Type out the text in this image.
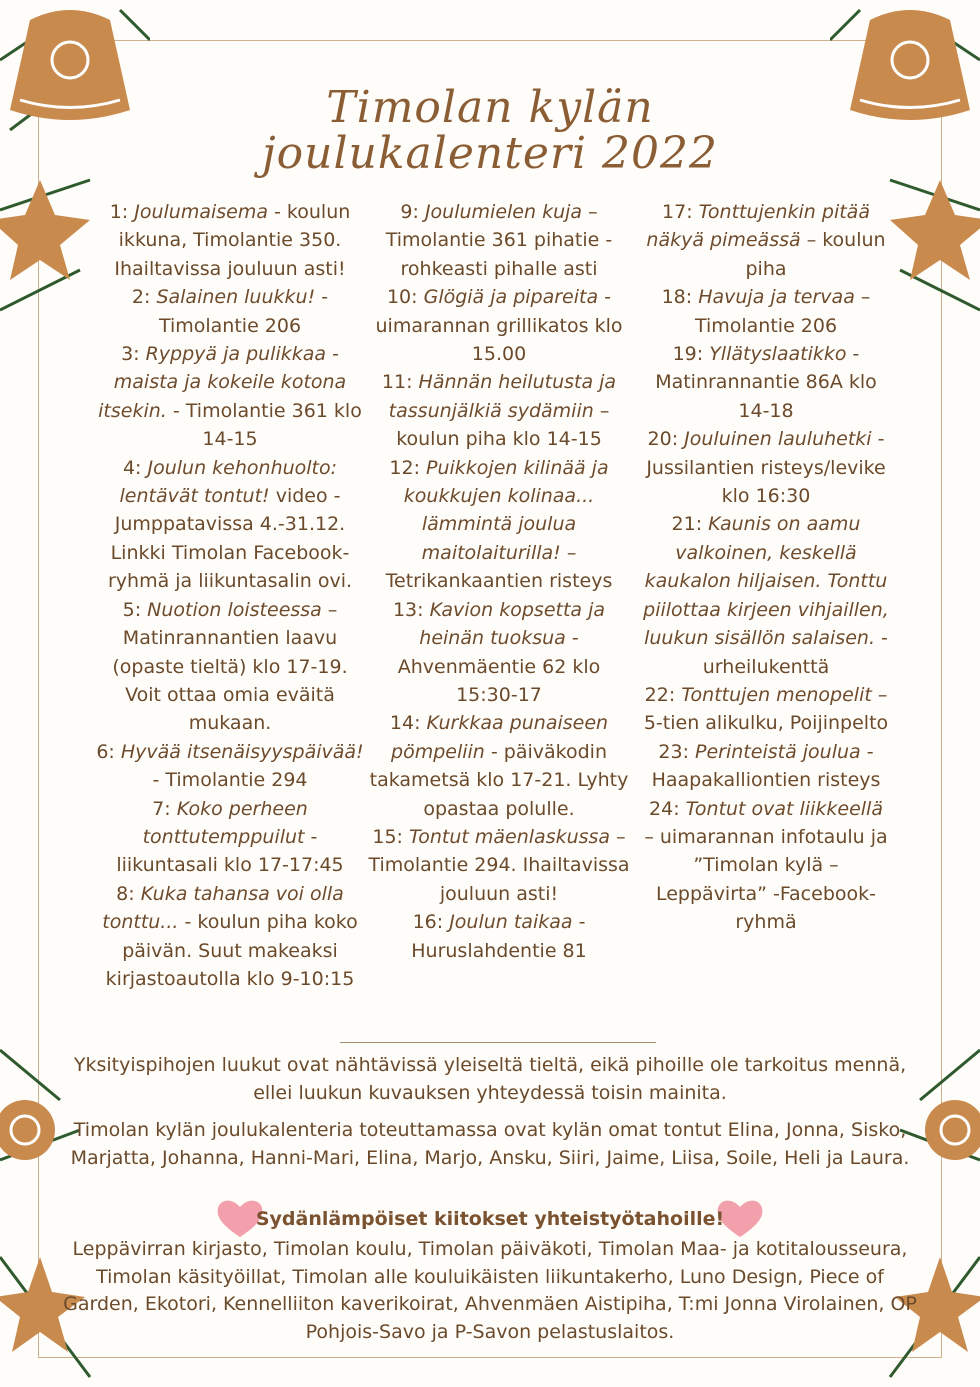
Timolan kylän
joulukalenteri 2022

1: Joulumaisema - koulun ikkuna, Timolantie 350. Ihailtavissa jouluun asti!

2: Salainen luukku! - Timolantie 206

3: Ryppyä ja pulikkaa - maista ja kokeile kotona itsekin. - Timolantie 361 klo 14-15

4: Joulun kehonhuolto: lentävät tontut! video - Jumppatavissa 4.-31.12. Linkki Timolan Facebook-ryhmä ja liikuntasalin ovi.

5: Nuotion loisteessa – Matinrannantien laavu (opaste tieltä) klo 17-19. Voit ottaa omia eväitä mukaan.

6: Hyvää itsenäisyyspäivää! - Timolantie 294

7: Koko perheen tonttutemppuilut - liikuntasali klo 17-17:45

8: Kuka tahansa voi olla tonttu... - koulun piha koko päivän. Suut makeaksi kirjastoautolla klo 9-10:15

9: Joulumielen kuja – Timolantie 361 pihatie - rohkeasti pihalle asti

10: Glögiä ja pipareita - uimarannan grillikatos klo 15.00

11: Hännän heilutusta ja tassunjälkiä sydämiin – koulun piha klo 14-15

12: Puikkojen kilinää ja koukkujen kolinaa... lämmintä joulua maitolaiturilla! – Tetrikankaantien risteys

13: Kavion kopsetta ja heinän tuoksua - Ahvenmäentie 62 klo 15:30-17

14: Kurkkaa punaiseen pömpeliin - päiväkodin takametsä klo 17-21. Lyhty opastaa polulle.

15: Tontut mäenlaskussa – Timolantie 294. Ihailtavissa jouluun asti!

16: Joulun taikaa - Huruslahdentie 81

17: Tonttujenkin pitää näkyä pimeässä – koulun piha

18: Havuja ja tervaa – Timolantie 206

19: Yllätyslaatikko - Matinrannantie 86A klo 14-18

20: Jouluinen lauluhetki - Jussilantien risteys/levike klo 16:30

21: Kaunis on aamu valkoinen, keskellä kaukalon hiljaisen. Tonttu piilottaa kirjeen vihjaillen, luukun sisällön salaisen. - urheilukenttä

22: Tonttujen menopelit – 5-tien alikulku, Poijinpelto

23: Perinteistä joulua - Haapakalliontien risteys

24: Tontut ovat liikkeellä – uimarannan infotaulu ja ”Timolan kylä – Leppävirta” -Facebook-ryhmä

Yksityispihojen luukut ovat nähtävissä yleiseltä tieltä, eikä pihoille ole tarkoitus mennä, ellei luukun kuvauksen yhteydessä toisin mainita.
Timolan kylän joulukalenteria toteuttamassa ovat kylän omat tontut Elina, Jonna, Sisko, Marjatta, Johanna, Hanni-Mari, Elina, Marjo, Ansku, Siiri, Jaime, Liisa, Soile, Heli ja Laura.
Sydänlämpöiset kiitokset yhteistyötahoille!
Leppävirran kirjasto, Timolan koulu, Timolan päiväkoti, Timolan Maa- ja kotitalousseura, Timolan käsityöillat, Timolan alle kouluikäisten liikuntakerho, Luno Design, Piece of Garden, Ekotori, Kennelliiton kaverikoirat, Ahvenmäen Aistipiha, T:mi Jonna Virolainen, OP Pohjois-Savo ja P-Savon pelastuslaitos.
